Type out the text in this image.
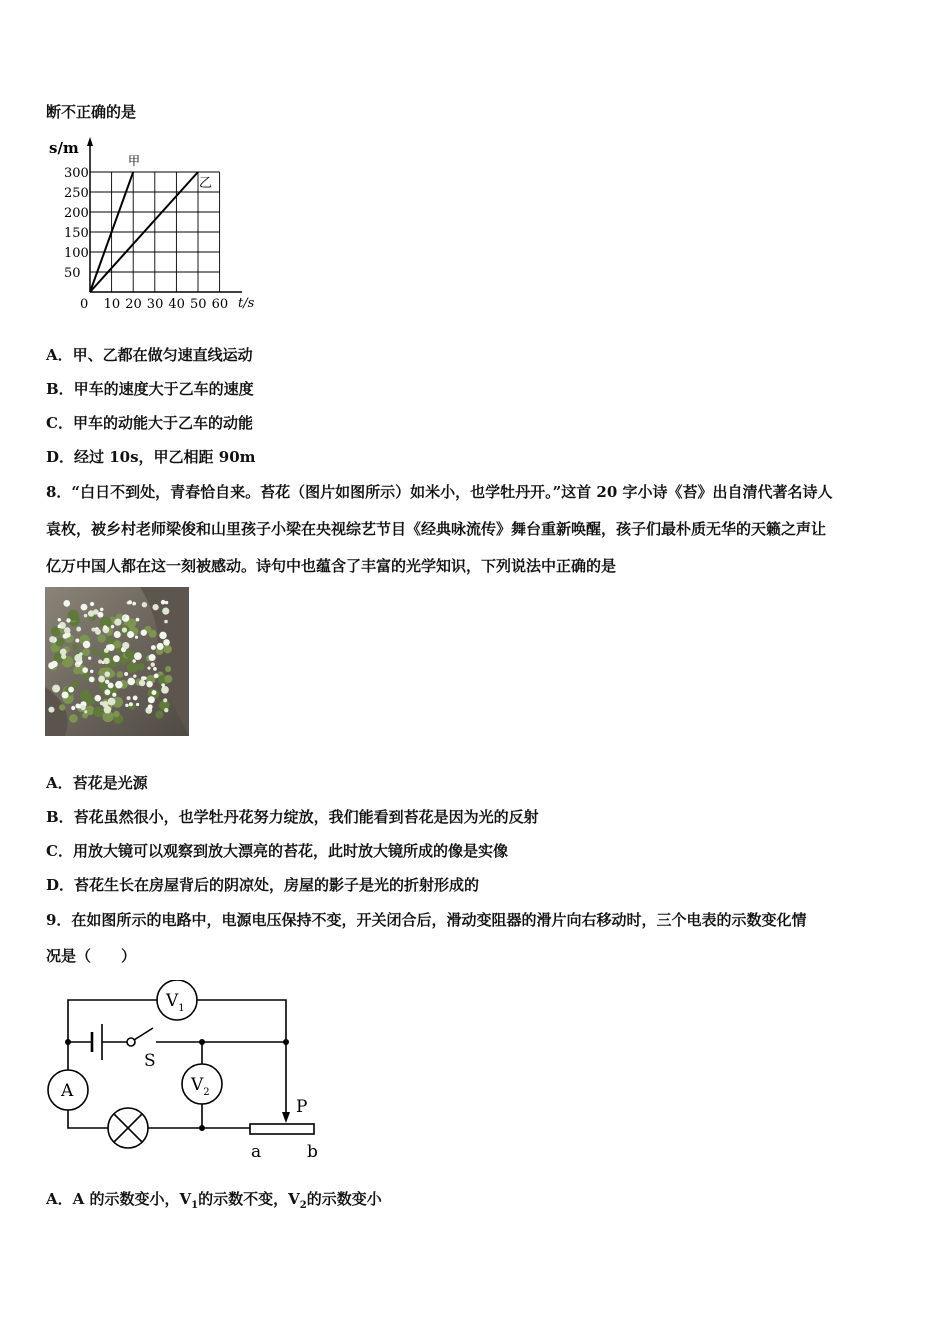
断不正确的是
300
250
200
150
100
50
0 10 20 30 40 50 60
s/m
t/s
甲
乙
A．甲、乙都在做匀速直线运动
B．甲车的速度大于乙车的速度
C．甲车的动能大于乙车的动能
D．经过 10s，甲乙相距 90m
8．“白日不到处，青春恰自来。苔花（图片如图所示）如米小，也学牡丹开。”这首 20 字小诗《苔》出自清代著名诗人
袁枚，被乡村老师梁俊和山里孩子小梁在央视综艺节目《经典咏流传》舞台重新唤醒，孩子们最朴质无华的天籁之声让
亿万中国人都在这一刻被感动。诗句中也蕴含了丰富的光学知识，下列说法中正确的是
A．苔花是光源
B．苔花虽然很小，也学牡丹花努力绽放，我们能看到苔花是因为光的反射
C．用放大镜可以观察到放大漂亮的苔花，此时放大镜所成的像是实像
D．苔花生长在房屋背后的阴凉处，房屋的影子是光的折射形成的
9．在如图所示的电路中，电源电压保持不变，开关闭合后，滑动变阻器的滑片向右移动时，三个电表的示数变化情
况是（　　）
$V_1$
$V_2$
A
S
P
a	b
A．A 的示数变小，$V_1$的示数不变，$V_2$的示数变小
